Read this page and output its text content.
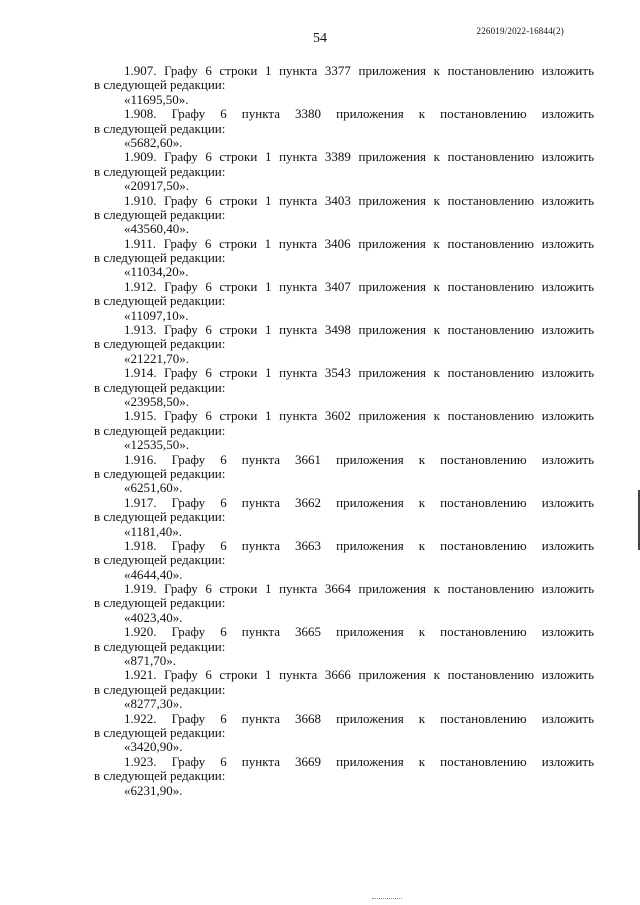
54	226019/2022-16844(2)
1.907. Графу 6 строки 1 пункта 3377 приложения к постановлению изложить
в следующей редакции:
«11695,50».
1.908. Графу 6 пункта 3380 приложения к постановлению изложить
в следующей редакции:
«5682,60».
1.909. Графу 6 строки 1 пункта 3389 приложения к постановлению изложить
в следующей редакции:
«20917,50».
1.910. Графу 6 строки 1 пункта 3403 приложения к постановлению изложить
в следующей редакции:
«43560,40».
1.911. Графу 6 строки 1 пункта 3406 приложения к постановлению изложить
в следующей редакции:
«11034,20».
1.912. Графу 6 строки 1 пункта 3407 приложения к постановлению изложить
в следующей редакции:
«11097,10».
1.913. Графу 6 строки 1 пункта 3498 приложения к постановлению изложить
в следующей редакции:
«21221,70».
1.914. Графу 6 строки 1 пункта 3543 приложения к постановлению изложить
в следующей редакции:
«23958,50».
1.915. Графу 6 строки 1 пункта 3602 приложения к постановлению изложить
в следующей редакции:
«12535,50».
1.916. Графу 6 пункта 3661 приложения к постановлению изложить
в следующей редакции:
«6251,60».
1.917. Графу 6 пункта 3662 приложения к постановлению изложить
в следующей редакции:
«1181,40».
1.918. Графу 6 пункта 3663 приложения к постановлению изложить
в следующей редакции:
«4644,40».
1.919. Графу 6 строки 1 пункта 3664 приложения к постановлению изложить
в следующей редакции:
«4023,40».
1.920. Графу 6 пункта 3665 приложения к постановлению изложить
в следующей редакции:
«871,70».
1.921. Графу 6 строки 1 пункта 3666 приложения к постановлению изложить
в следующей редакции:
«8277,30».
1.922. Графу 6 пункта 3668 приложения к постановлению изложить
в следующей редакции:
«3420,90».
1.923. Графу 6 пункта 3669 приложения к постановлению изложить
в следующей редакции:
«6231,90».
